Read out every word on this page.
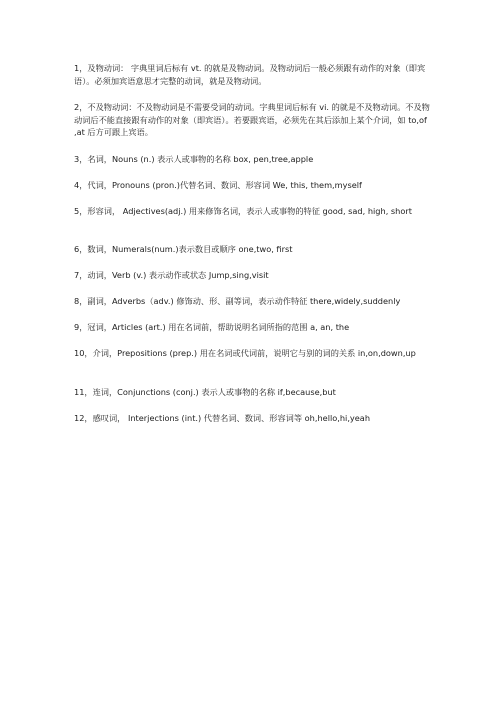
1，及物动词： 字典里词后标有 vt. 的就是及物动词。及物动词后一般必须跟有动作的对象（即宾语）。必须加宾语意思才完整的动词，就是及物动词。
2，不及物动词：不及物动词是不需要受词的动词。字典里词后标有 vi. 的就是不及物动词。不及物动词后不能直接跟有动作的对象（即宾语）。若要跟宾语，必须先在其后添加上某个介词，如 to,of ,at 后方可跟上宾语。
3，名词，Nouns (n.) 表示人或事物的名称 box, pen,tree,apple
4，代词，Pronouns (pron.)代替名词、数词、形容词 We, this, them,myself
5，形容词， Adjectives(adj.) 用来修饰名词，表示人或事物的特征 good, sad, high, short
6，数词，Numerals(num.)表示数目或顺序 one,two, first
7，动词，Verb (v.) 表示动作或状态 Jump,sing,visit
8，副词，Adverbs（adv.) 修饰动、形、副等词，表示动作特征 there,widely,suddenly
9，冠词，Articles (art.) 用在名词前，帮助说明名词所指的范围 a, an, the
10，介词，Prepositions (prep.) 用在名词或代词前，说明它与别的词的关系 in,on,down,up
11，连词，Conjunctions (conj.) 表示人或事物的名称 if,because,but
12，感叹词， Interjections (int.) 代替名词、数词、形容词等 oh,hello,hi,yeah
